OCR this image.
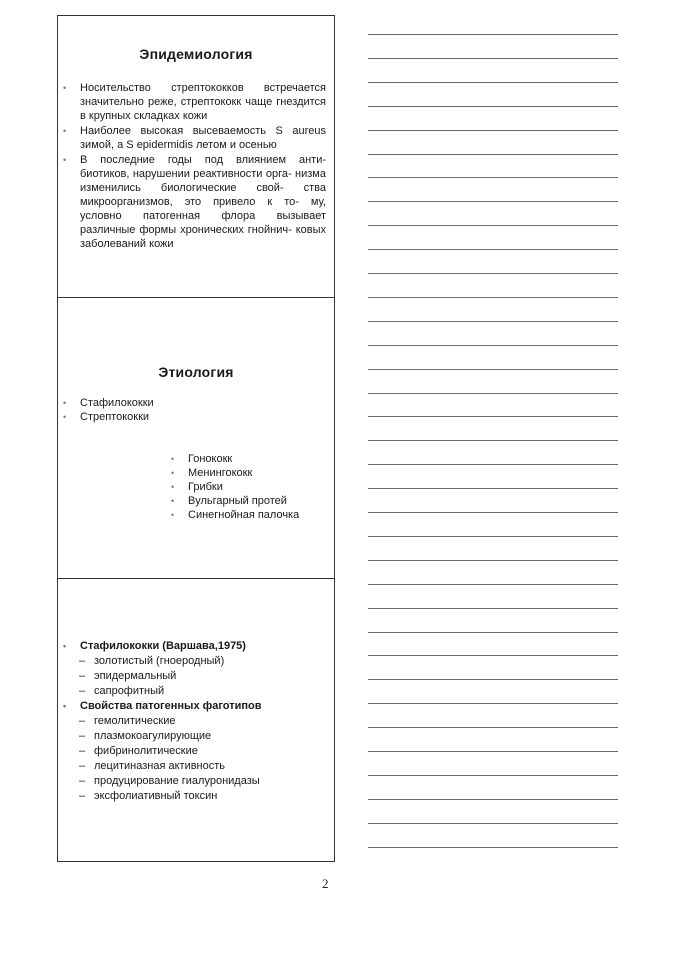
Эпидемиология
• Носительство стрептококков встречается значительно реже, стрептококк чаще гнездится в крупных складках кожи
• Наиболее высокая высеваемость S aureus зимой, а S epidermidis летом и осенью
• В последние годы под влиянием анти- биотиков, нарушении реактивности орга- низма изменились биологические свой- ства микроорганизмов, это привело к то- му, условно патогенная флора вызывает различные формы хронических гнойнич- ковых заболеваний кожи
Этиология
• Стафилококки
• Стрептококки
• Гонококк
• Менингококк
• Грибки
• Вульгарный протей
• Синегнойная палочка
• Стафилококки (Варшава,1975)
– золотистый (гноеродный)
– эпидермальный
– сапрофитный
• Свойства патогенных фаготипов
– гемолитические
– плазмокоагулирующие
– фибринолитические
– лецитиназная активность
– продуцирование гиалуронидазы
– эксфолиативный токсин
2
